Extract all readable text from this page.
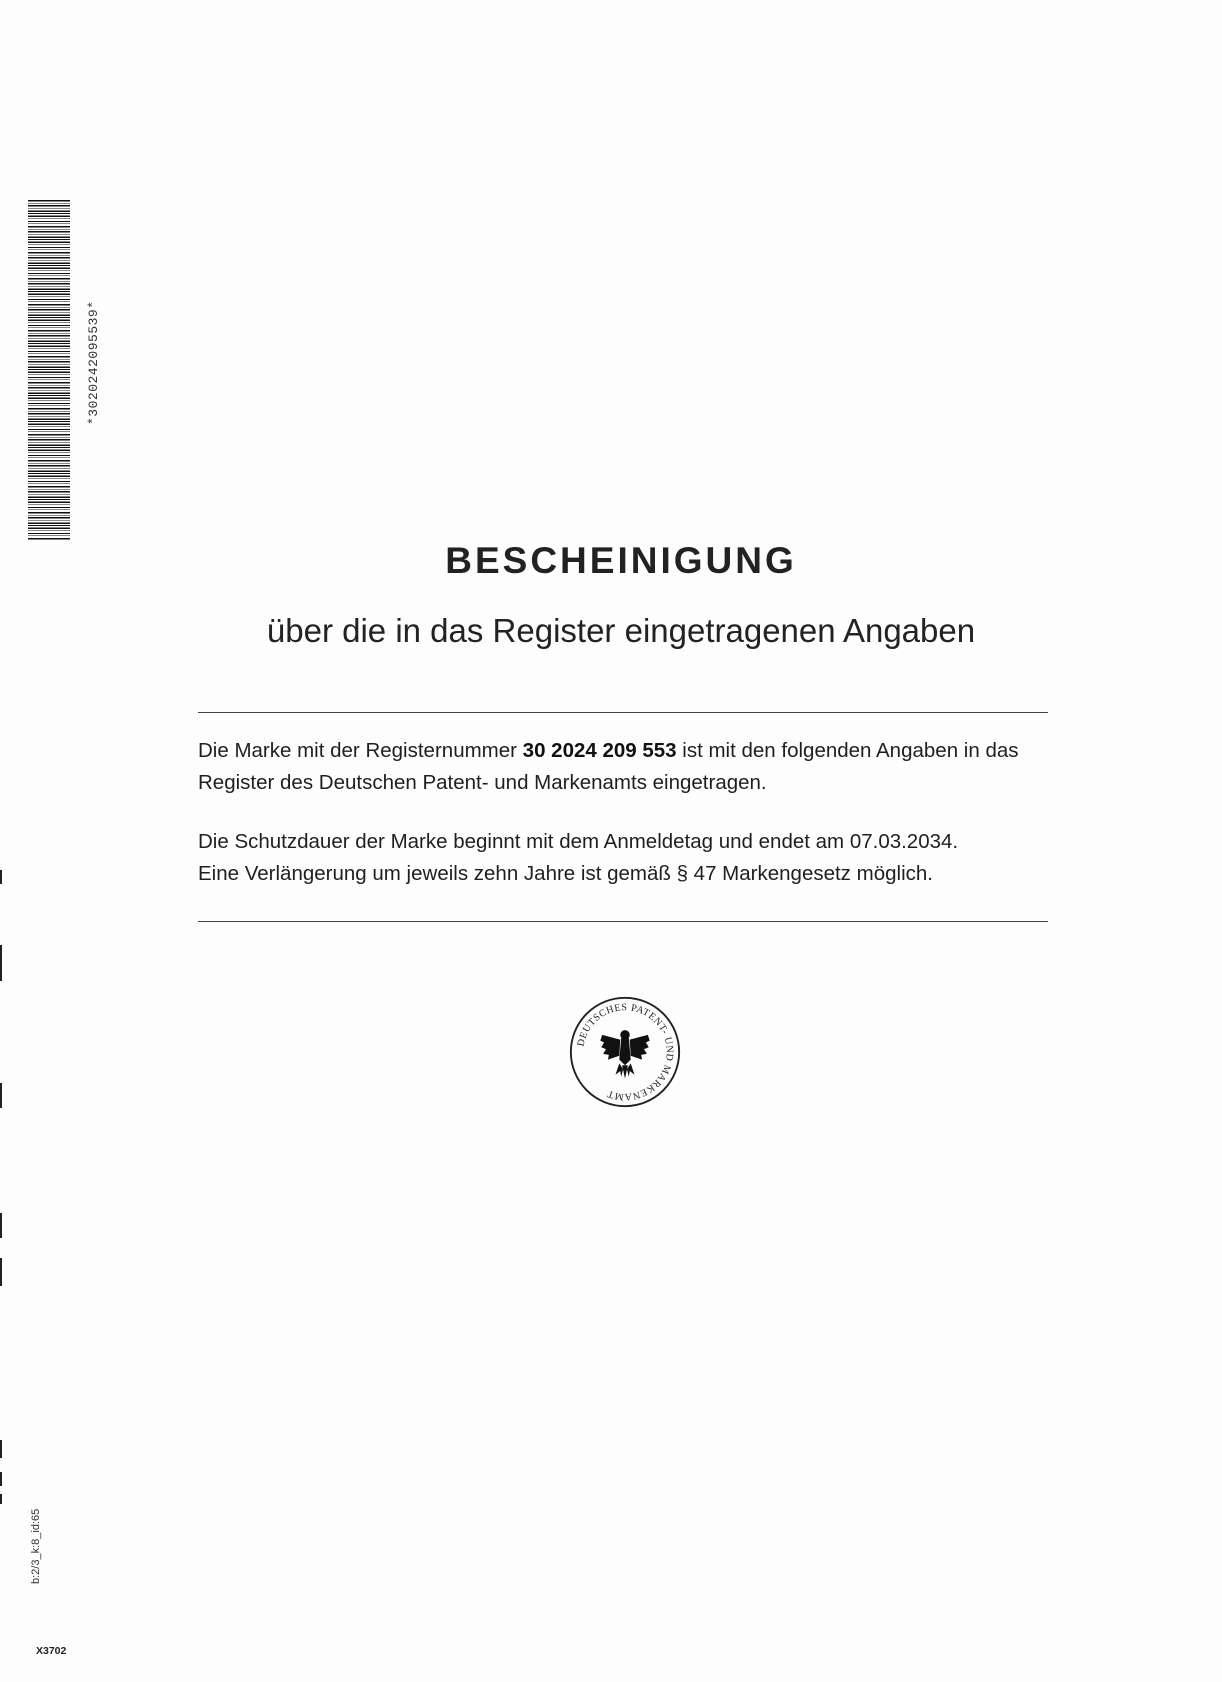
*3020242095539*
BESCHEINIGUNG
über die in das Register eingetragenen Angaben
Die Marke mit der Registernummer 30 2024 209 553 ist mit den folgenden Angaben in das Register des Deutschen Patent- und Markenamts eingetragen.
Die Schutzdauer der Marke beginnt mit dem Anmeldetag und endet am 07.03.2034.
Eine Verlängerung um jeweils zehn Jahre ist gemäß § 47 Markengesetz möglich.
DEUTSCHES PATENT- UND MARKENAMT
b:2/3_k:8_id:65
X3702
